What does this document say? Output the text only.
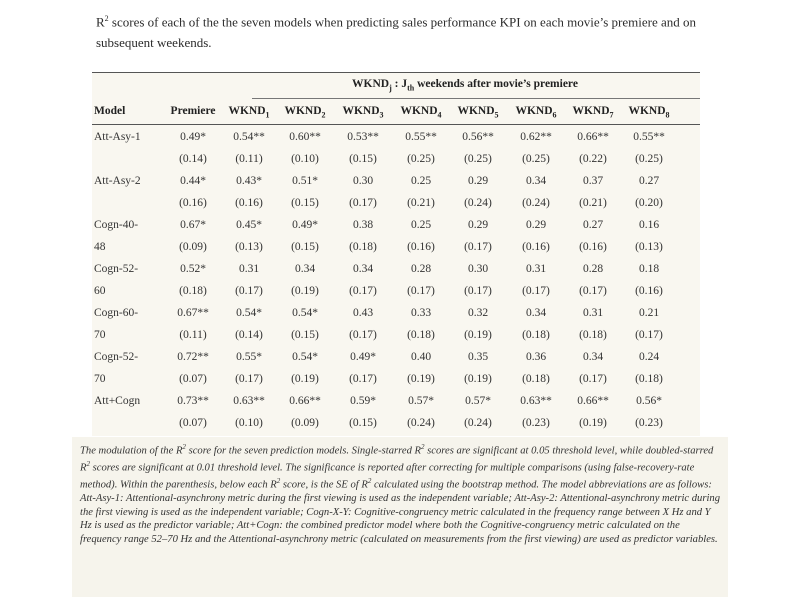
$R^2$ scores of each of the the seven models when predicting sales performance KPI on each movie’s premiere and on subsequent weekends.
$WKND_j$ : $J_{th}$ weekends after movie’s premiere
Model	Premiere $WKND_1$ $WKND_2$ $WKND_3$ $WKND_4$ $WKND_5$ $WKND_6$ $WKND_7$ $WKND_8$
Att-Asy-1	0.49* 0.54** 0.60** 0.53** 0.55** 0.56** 0.62** 0.66** 0.55**
(0.14) (0.11) (0.10)	(0.15)	(0.25)	(0.25)	(0.25)	(0.22) (0.25)
Att-Asy-2	0.44*	0.43*	0.51*	0.30	0.25	0.29	0.34	0.37	0.27
(0.16) (0.16) (0.15)	(0.17)	(0.21)	(0.24)	(0.24)	(0.21) (0.20)
Cogn-40-
48
0.67*	0.45*	0.49*	0.38	0.25	0.29	0.29	0.27	0.16
(0.09) (0.13) (0.15)	(0.18)	(0.16)	(0.17)	(0.16)	(0.16) (0.13)
Cogn-52-
60
0.52*	0.31	0.34	0.34	0.28	0.30	0.31	0.28	0.18
(0.18) (0.17) (0.19)	(0.17)	(0.17)	(0.17)	(0.17)	(0.17) (0.16)
Cogn-60-
70
0.67** 0.54*	0.54*	0.43	0.33	0.32	0.34	0.31	0.21
(0.11) (0.14) (0.15)	(0.17)	(0.18)	(0.19)	(0.18)	(0.18) (0.17)
Cogn-52-
70
0.72** 0.55*	0.54*	0.49*	0.40	0.35	0.36	0.34	0.24
(0.07) (0.17) (0.19)	(0.17)	(0.19)	(0.19)	(0.18)	(0.17) (0.18)
Att+Cogn	0.73** 0.63** 0.66**	0.59*	0.57*	0.57*	0.63** 0.66** 0.56*
(0.07) (0.10) (0.09)	(0.15)	(0.24)	(0.24)	(0.23)	(0.19) (0.23)
The modulation of the $R^2$ score for the seven prediction models. Single-starred $R^2$ scores are significant at 0.05 threshold level, while doubled-starred $R^2$ scores are significant at 0.01 threshold level. The significance is reported after correcting for multiple comparisons (using false-recovery-rate method). Within the parenthesis, below each $R^2$ score, is the SE of $R^2$ calculated using the bootstrap method. The model abbreviations are as follows: Att-Asy-1: Attentional-asynchrony metric during the first viewing is used as the independent variable; Att-Asy-2: Attentional-asynchrony metric during the first viewing is used as the independent variable; Cogn-X-Y: Cognitive-congruency metric calculated in the frequency range between X Hz and Y Hz is used as the predictor variable; Att+Cogn: the combined predictor model where both the Cognitive-congruency metric calculated on the frequency range 52–70 Hz and the Attentional-asynchrony metric (calculated on measurements from the first viewing) are used as predictor variables.
